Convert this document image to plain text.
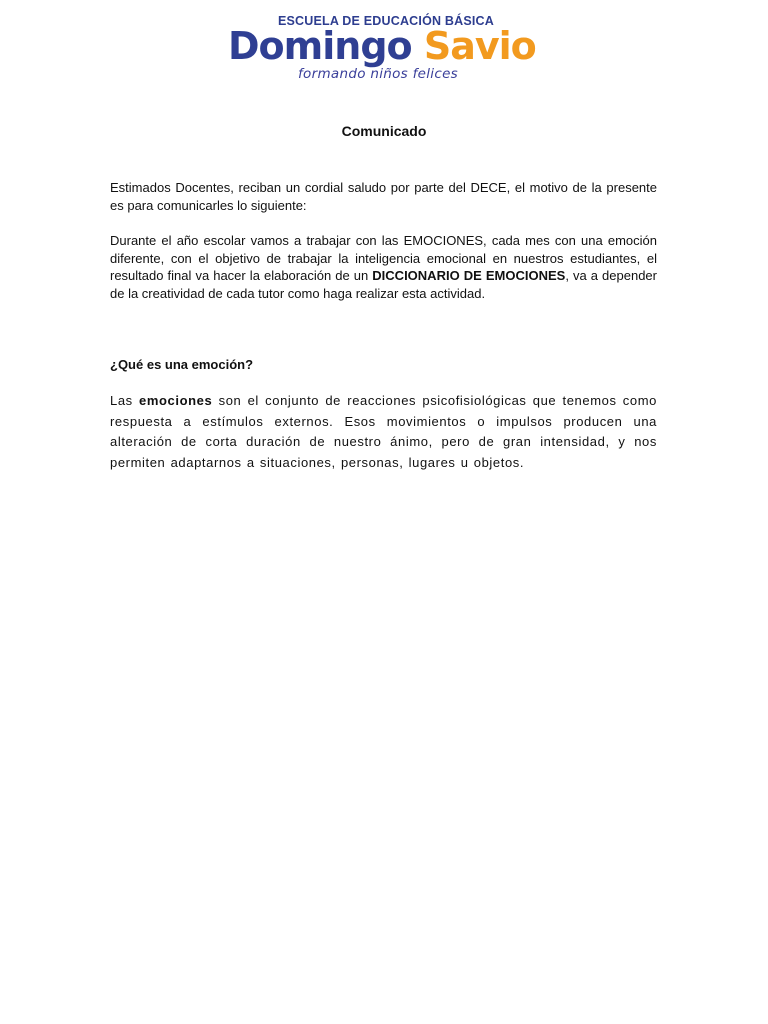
ESCUELA DE EDUCACIÓN BÁSICA
Domingo Savio
formando niños felices
Comunicado
Estimados Docentes, reciban un cordial saludo por parte del DECE, el motivo de la presente es para comunicarles lo siguiente:
Durante el año escolar vamos a trabajar con las EMOCIONES, cada mes con una emoción diferente, con el objetivo de trabajar la inteligencia emocional en nuestros estudiantes, el resultado final va hacer la elaboración de un DICCIONARIO DE EMOCIONES, va a depender de la creatividad de cada tutor como haga realizar esta actividad.
¿Qué es una emoción?
Las emociones son el conjunto de reacciones psicofisiológicas que tenemos como respuesta a estímulos externos. Esos movimientos o impulsos producen una alteración de corta duración de nuestro ánimo, pero de gran intensidad, y nos permiten adaptarnos a situaciones, personas, lugares u objetos.
